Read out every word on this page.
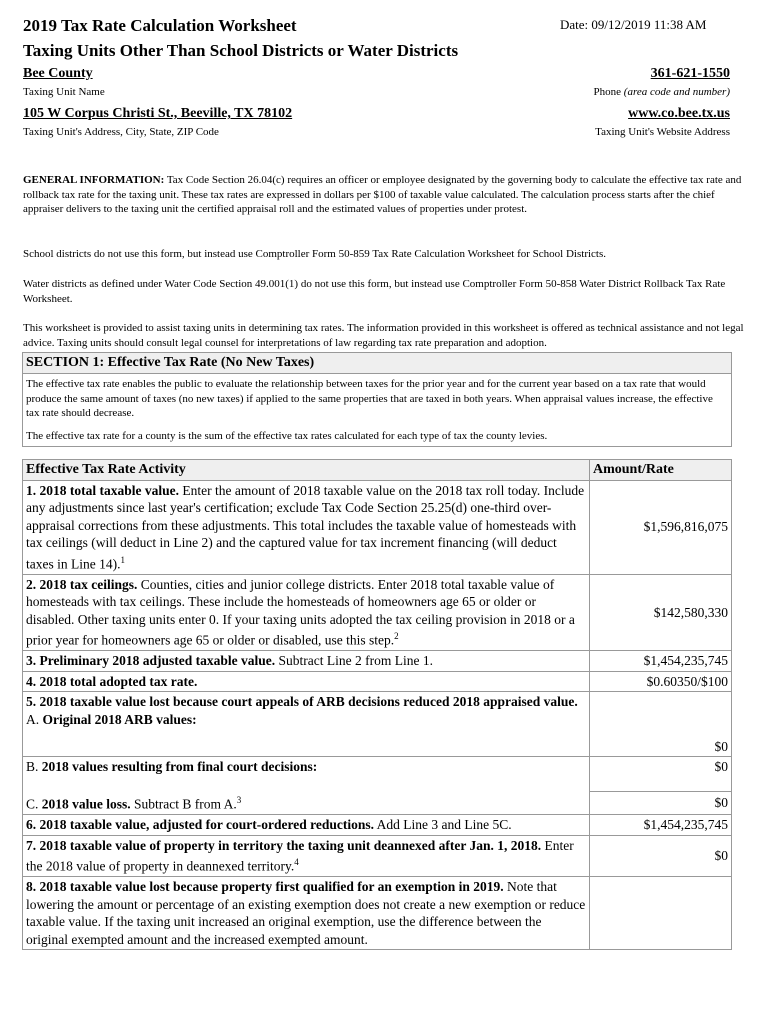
2019 Tax Rate Calculation Worksheet
Taxing Units Other Than School Districts or Water Districts
Date: 09/12/2019 11:38 AM
Bee County
Taxing Unit Name
361-621-1550
Phone (area code and number)
105 W Corpus Christi St., Beeville, TX 78102
Taxing Unit's Address, City, State, ZIP Code
www.co.bee.tx.us
Taxing Unit's Website Address
GENERAL INFORMATION: Tax Code Section 26.04(c) requires an officer or employee designated by the governing body to calculate the effective tax rate and rollback tax rate for the taxing unit. These tax rates are expressed in dollars per $100 of taxable value calculated. The calculation process starts after the chief appraiser delivers to the taxing unit the certified appraisal roll and the estimated values of properties under protest.
School districts do not use this form, but instead use Comptroller Form 50-859 Tax Rate Calculation Worksheet for School Districts.
Water districts as defined under Water Code Section 49.001(1) do not use this form, but instead use Comptroller Form 50-858 Water District Rollback Tax Rate Worksheet.
This worksheet is provided to assist taxing units in determining tax rates. The information provided in this worksheet is offered as technical assistance and not legal advice. Taxing units should consult legal counsel for interpretations of law regarding tax rate preparation and adoption.
SECTION 1: Effective Tax Rate (No New Taxes)
The effective tax rate enables the public to evaluate the relationship between taxes for the prior year and for the current year based on a tax rate that would produce the same amount of taxes (no new taxes) if applied to the same properties that are taxed in both years. When appraisal values increase, the effective tax rate should decrease.
The effective tax rate for a county is the sum of the effective tax rates calculated for each type of tax the county levies.
Effective Tax Rate Activity	Amount/Rate
1. 2018 total taxable value. Enter the amount of 2018 taxable value on the 2018 tax roll today. Include any adjustments since last year's certification; exclude Tax Code Section 25.25(d) one-third over-appraisal corrections from these adjustments. This total includes the taxable value of homesteads with tax ceilings (will deduct in Line 2) and the captured value for tax increment financing (will deduct taxes in Line 14).$^1$	$1,596,816,075
2. 2018 tax ceilings. Counties, cities and junior college districts. Enter 2018 total taxable value of homesteads with tax ceilings. These include the homesteads of homeowners age 65 or older or disabled. Other taxing units enter 0. If your taxing units adopted the tax ceiling provision in 2018 or a prior year for homeowners age 65 or older or disabled, use this step.$^2$	$142,580,330
3. Preliminary 2018 adjusted taxable value. Subtract Line 2 from Line 1.	$1,454,235,745
4. 2018 total adopted tax rate.	$0.60350/$100
5. 2018 taxable value lost because court appeals of ARB decisions reduced 2018 appraised value.
A. Original 2018 ARB values:	$0
B. 2018 values resulting from final court decisions:	$0
C. 2018 value loss. Subtract B from A.$^3$	$0
6. 2018 taxable value, adjusted for court-ordered reductions. Add Line 3 and Line 5C.	$1,454,235,745
7. 2018 taxable value of property in territory the taxing unit deannexed after Jan. 1, 2018. Enter the 2018 value of property in deannexed territory.$^4$	$0
8. 2018 taxable value lost because property first qualified for an exemption in 2019. Note that lowering the amount or percentage of an existing exemption does not create a new exemption or reduce taxable value. If the taxing unit increased an original exemption, use the difference between the original exempted amount and the increased exempted amount.	
